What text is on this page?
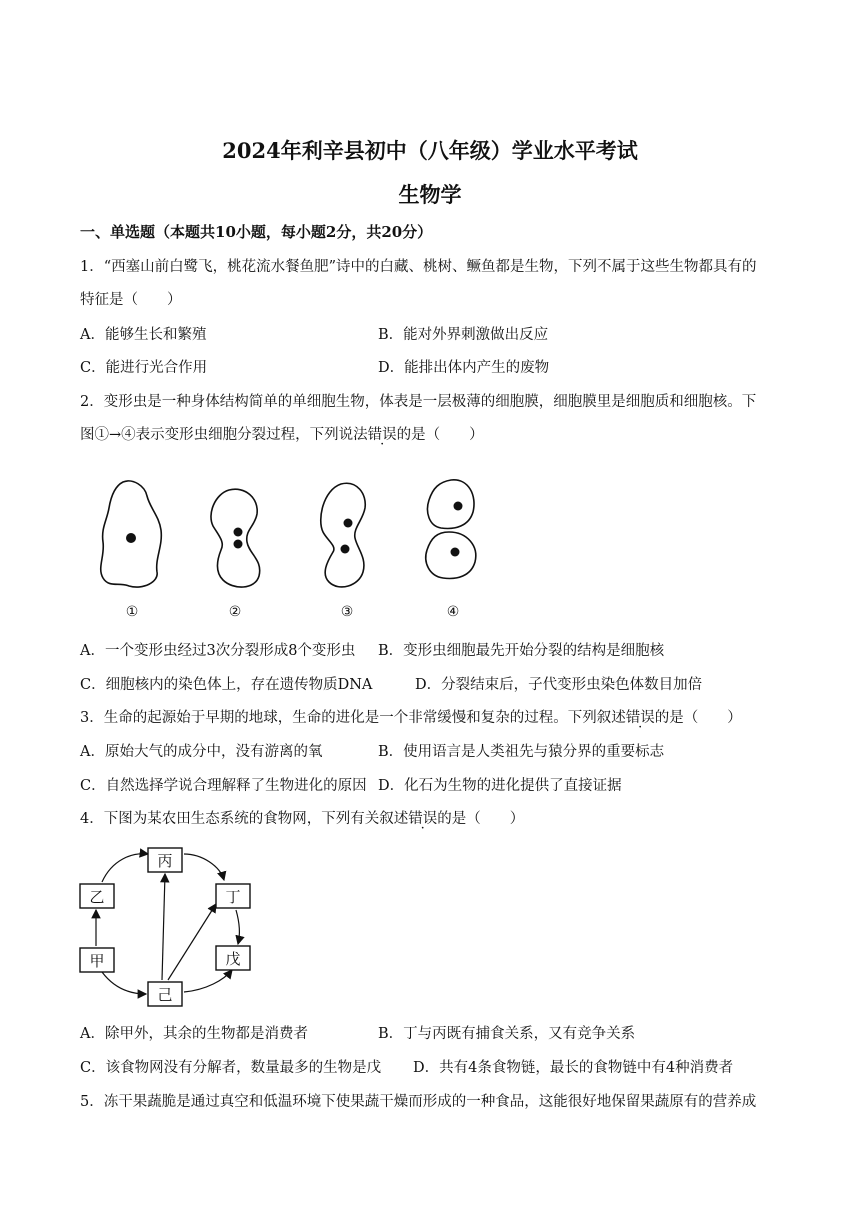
2024年利辛县初中（八年级）学业水平考试
生物学
一、单选题（本题共10小题，每小题2分，共20分）
1．“西塞山前白鹭飞，桃花流水餐鱼肥”诗中的白藏、桃树、鳜鱼都是生物，下列不属于这些生物都具有的
特征是（　　）
A．能够生长和繁殖	B．能对外界刺激做出反应
C．能进行光合作用	D．能排出体内产生的废物
2．变形虫是一种身体结构简单的单细胞生物，体表是一层极薄的细胞膜，细胞膜里是细胞质和细胞核。下
图①→④表示变形虫细胞分裂过程，下列说法错误的是（　　）
①	②	③	④
A．一个变形虫经过3次分裂形成8个变形虫 B．变形虫细胞最先开始分裂的结构是细胞核
C．细胞核内的染色体上，存在遗传物质DNA	D．分裂结束后，子代变形虫染色体数目加倍
3．生命的起源始于早期的地球，生命的进化是一个非常缓慢和复杂的过程。下列叙述错误的是（　　）
A．原始大气的成分中，没有游离的氧	B．使用语言是人类祖先与猿分界的重要标志
C．自然选择学说合理解释了生物进化的原因 D．化石为生物的进化提供了直接证据
4．下图为某农田生态系统的食物网，下列有关叙述错误的是（　　）
丙
乙	丁
甲	戊
己
A．除甲外，其余的生物都是消费者	B．丁与丙既有捕食关系，又有竞争关系
C．该食物网没有分解者，数量最多的生物是戊 D．共有4条食物链，最长的食物链中有4种消费者
5．冻干果蔬脆是通过真空和低温环境下使果蔬干燥而形成的一种食品，这能很好地保留果蔬原有的营养成
